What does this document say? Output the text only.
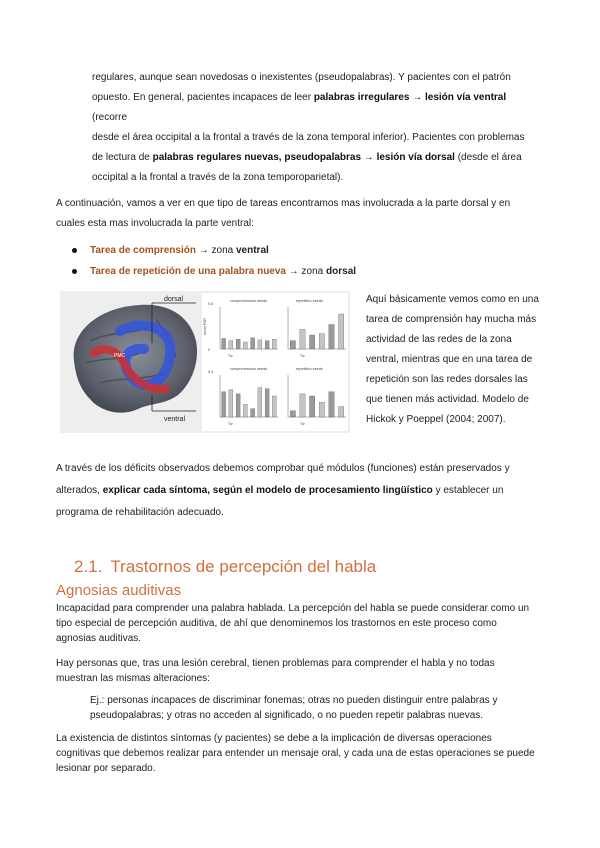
regulares, aunque sean novedosas o inexistentes (pseudopalabras). Y pacientes con el patrón
opuesto. En general, pacientes incapaces de leer palabras irregulares → lesión vía ventral (recorre
desde el área occipital a la frontal a través de la zona temporal inferior). Pacientes con problemas
de lectura de palabras regulares nuevas, pseudopalabras → lesión vía dorsal (desde el área
occipital a la frontal a través de la zona temporoparietal).
A continuación, vamos a ver en que tipo de tareas encontramos mas involucrada a la parte dorsal y en
cuales esta mas involucrada la parte ventral:
Tarea de comprensión → zona ventral
Tarea de repetición de una palabra nueva → zona dorsal
PMC
dorsal
ventral
comprehension seeds	repetition seeds
comprehension seeds	repetition seeds
0.6
0.4
0
mean PSR
Tw	Tw
Tw	Tw
Aquí básicamente vemos como en una
tarea de comprensión hay mucha más
actividad de las redes de la zona
ventral, mientras que en una tarea de
repetición son las redes dorsales las
que tienen más actividad. Modelo de
Hickok y Poeppel (2004; 2007).
A través de los déficits observados debemos comprobar qué módulos (funciones) están preservados y
alterados, explicar cada síntoma, según el modelo de procesamiento lingüístico y establecer un
programa de rehabilitación adecuado.
2.1. Trastornos de percepción del habla
Agnosias auditivas
Incapacidad para comprender una palabra hablada. La percepción del habla se puede considerar como un
tipo especial de percepción auditiva, de ahí que denominemos los trastornos en este proceso como
agnosias auditivas.
Hay personas que, tras una lesión cerebral, tienen problemas para comprender el habla y no todas
muestran las mismas alteraciones:
Ej.: personas incapaces de discriminar fonemas; otras no pueden distinguir entre palabras y
pseudopalabras; y otras no acceden al significado, o no pueden repetir palabras nuevas.
La existencia de distintos síntomas (y pacientes) se debe a la implicación de diversas operaciones
cognitivas que debemos realizar para entender un mensaje oral, y cada una de estas operaciones se puede
lesionar por separado.
